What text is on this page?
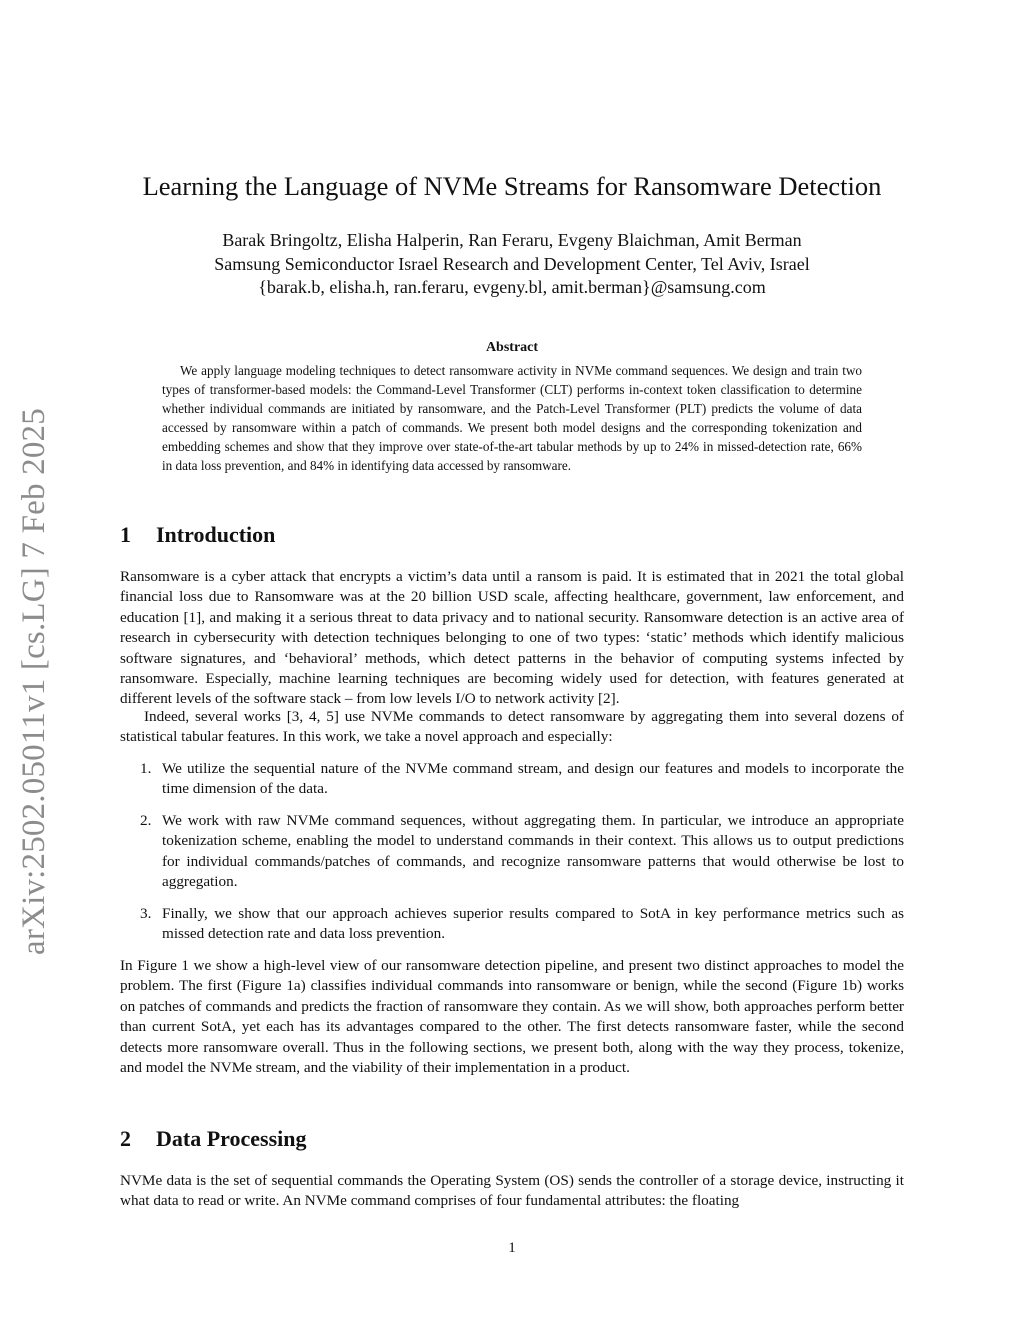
arXiv:2502.05011v1 [cs.LG] 7 Feb 2025
Learning the Language of NVMe Streams for Ransomware Detection
Barak Bringoltz, Elisha Halperin, Ran Feraru, Evgeny Blaichman, Amit Berman
Samsung Semiconductor Israel Research and Development Center, Tel Aviv, Israel
{barak.b, elisha.h, ran.feraru, evgeny.bl, amit.berman}@samsung.com
Abstract
We apply language modeling techniques to detect ransomware activity in NVMe command sequences. We design and train two types of transformer-based models: the Command-Level Transformer (CLT) performs in-context token classification to determine whether individual commands are initiated by ransomware, and the Patch-Level Transformer (PLT) predicts the volume of data accessed by ransomware within a patch of commands. We present both model designs and the corresponding tokenization and embedding schemes and show that they improve over state-of-the-art tabular methods by up to 24% in missed-detection rate, 66% in data loss prevention, and 84% in identifying data accessed by ransomware.
1 Introduction

Ransomware is a cyber attack that encrypts a victim’s data until a ransom is paid. It is estimated that in 2021 the total global financial loss due to Ransomware was at the 20 billion USD scale, affecting healthcare, government, law enforcement, and education [1], and making it a serious threat to data privacy and to national security. Ransomware detection is an active area of research in cybersecurity with detection techniques belonging to one of two types: ‘static’ methods which identify malicious software signatures, and ‘behavioral’ methods, which detect patterns in the behavior of computing systems infected by ransomware. Especially, machine learning techniques are becoming widely used for detection, with features generated at different levels of the software stack – from low levels I/O to network activity [2].

Indeed, several works [3, 4, 5] use NVMe commands to detect ransomware by aggregating them into several dozens of statistical tabular features. In this work, we take a novel approach and especially:

1. We utilize the sequential nature of the NVMe command stream, and design our features and models to incorporate the time dimension of the data.
2. We work with raw NVMe command sequences, without aggregating them. In particular, we introduce an appropriate tokenization scheme, enabling the model to understand commands in their context. This allows us to output predictions for individual commands/patches of commands, and recognize ransomware patterns that would otherwise be lost to aggregation.
3. Finally, we show that our approach achieves superior results compared to SotA in key performance metrics such as missed detection rate and data loss prevention.

In Figure 1 we show a high-level view of our ransomware detection pipeline, and present two distinct approaches to model the problem. The first (Figure 1a) classifies individual commands into ransomware or benign, while the second (Figure 1b) works on patches of commands and predicts the fraction of ransomware they contain. As we will show, both approaches perform better than current SotA, yet each has its advantages compared to the other. The first detects ransomware faster, while the second detects more ransomware overall. Thus in the following sections, we present both, along with the way they process, tokenize, and model the NVMe stream, and the viability of their implementation in a product.

2 Data Processing

NVMe data is the set of sequential commands the Operating System (OS) sends the controller of a storage device, instructing it what data to read or write. An NVMe command comprises of four fundamental attributes: the floating

1
